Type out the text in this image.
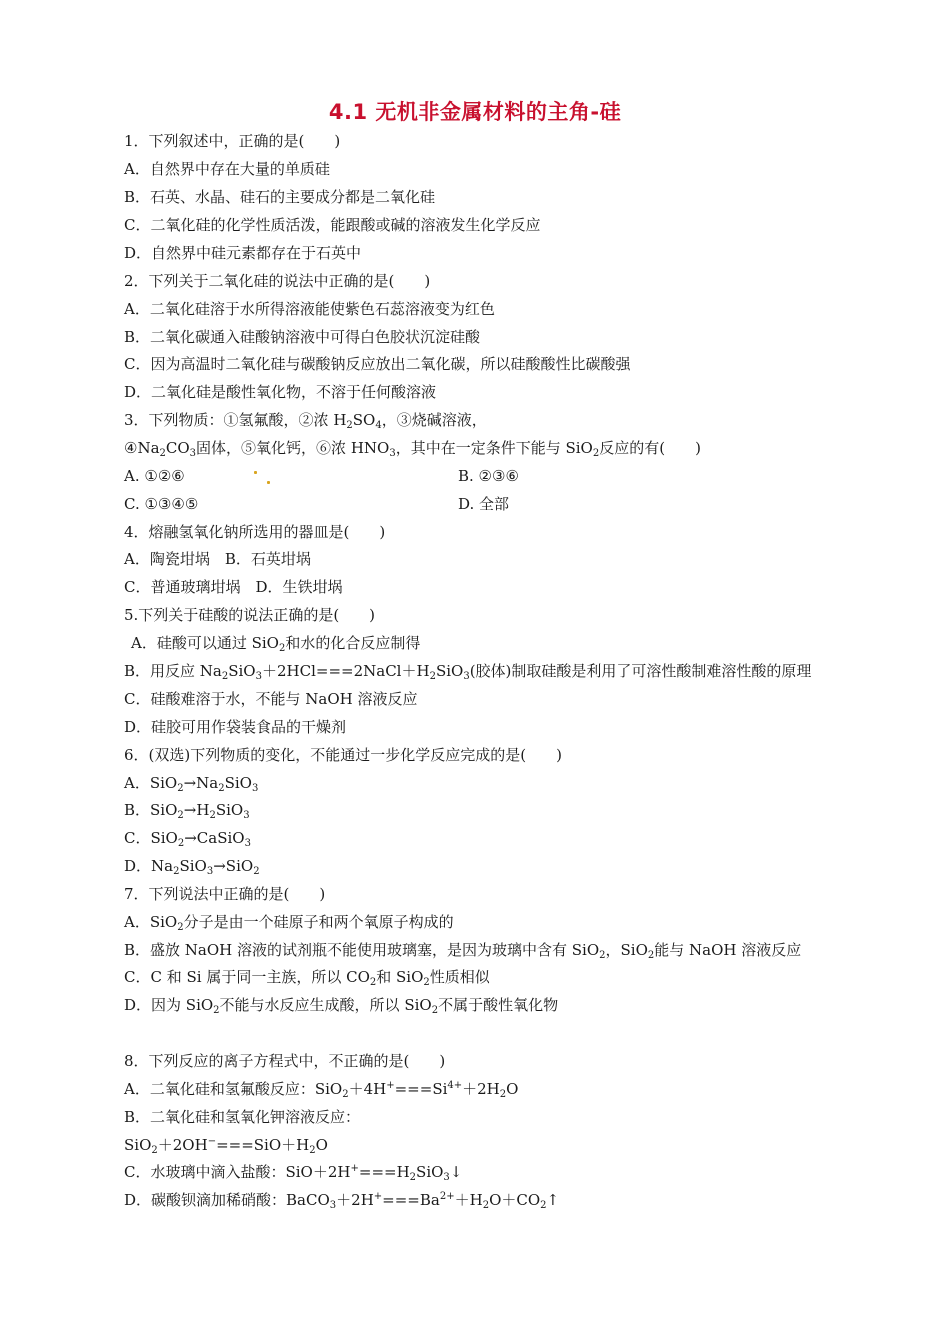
4.1 无机非金属材料的主角-硅
1．下列叙述中，正确的是(　　)
A．自然界中存在大量的单质硅
B．石英、水晶、硅石的主要成分都是二氧化硅
C．二氧化硅的化学性质活泼，能跟酸或碱的溶液发生化学反应
D．自然界中硅元素都存在于石英中
2．下列关于二氧化硅的说法中正确的是(　　)
A．二氧化硅溶于水所得溶液能使紫色石蕊溶液变为红色
B．二氧化碳通入硅酸钠溶液中可得白色胶状沉淀硅酸
C．因为高温时二氧化硅与碳酸钠反应放出二氧化碳，所以硅酸酸性比碳酸强
D．二氧化硅是酸性氧化物，不溶于任何酸溶液
3．下列物质：①氢氟酸，②浓 $H_2SO_4$，③烧碱溶液，
$④Na_2CO_3$固体，⑤氧化钙，⑥浓 $HNO_3$，其中在一定条件下能与 SiO$_2$反应的有(　　)
A. ①②⑥	B. ②③⑥
C. ①③④⑤	D. 全部
4．熔融氢氧化钠所选用的器皿是(　　)
A．陶瓷坩埚　B．石英坩埚
C．普通玻璃坩埚　D．生铁坩埚
5.下列关于硅酸的说法正确的是(　　)
A．硅酸可以通过 SiO$_2$和水的化合反应制得
B．用反应 $Na_2SiO_3+2HCl===2NaCl+H_2SiO_3$(胶体)制取硅酸是利用了可溶性酸制难溶性酸的原理
C．硅酸难溶于水，不能与 NaOH 溶液反应
D．硅胶可用作袋装食品的干燥剂
6．(双选)下列物质的变化，不能通过一步化学反应完成的是(　　)
A．$SiO_2\to Na_2SiO_3$
B．$SiO_2\to H_2SiO_3$
C．SiO$_2$→CaSiO$_3$
D．$Na_2SiO_3\to SiO_2$
7．下列说法中正确的是(　　)
A．SiO$_2$分子是由一个硅原子和两个氧原子构成的
B．盛放 NaOH 溶液的试剂瓶不能使用玻璃塞，是因为玻璃中含有 SiO$_2$，SiO$_2$能与 NaOH 溶液反应
C．C 和 Si 属于同一主族，所以 $CO_2$和 SiO$_2$性质相似
D．因为 SiO$_2$不能与水反应生成酸，所以 SiO$_2$不属于酸性氧化物
8．下列反应的离子方程式中，不正确的是(　　)
A．二氧化硅和氢氟酸反应：$SiO_2+4H^+===Si^{4+}+2H_2O$
B．二氧化硅和氢氧化钾溶液反应：
$SiO_2+2OH^-===SiO+H_2O$
C．水玻璃中滴入盐酸：$SiO+2H^+===H_2SiO_3↓$
D．碳酸钡滴加稀硝酸：$BaCO_3+2H^+===Ba^{2+}+H_2O+CO_2↑$
